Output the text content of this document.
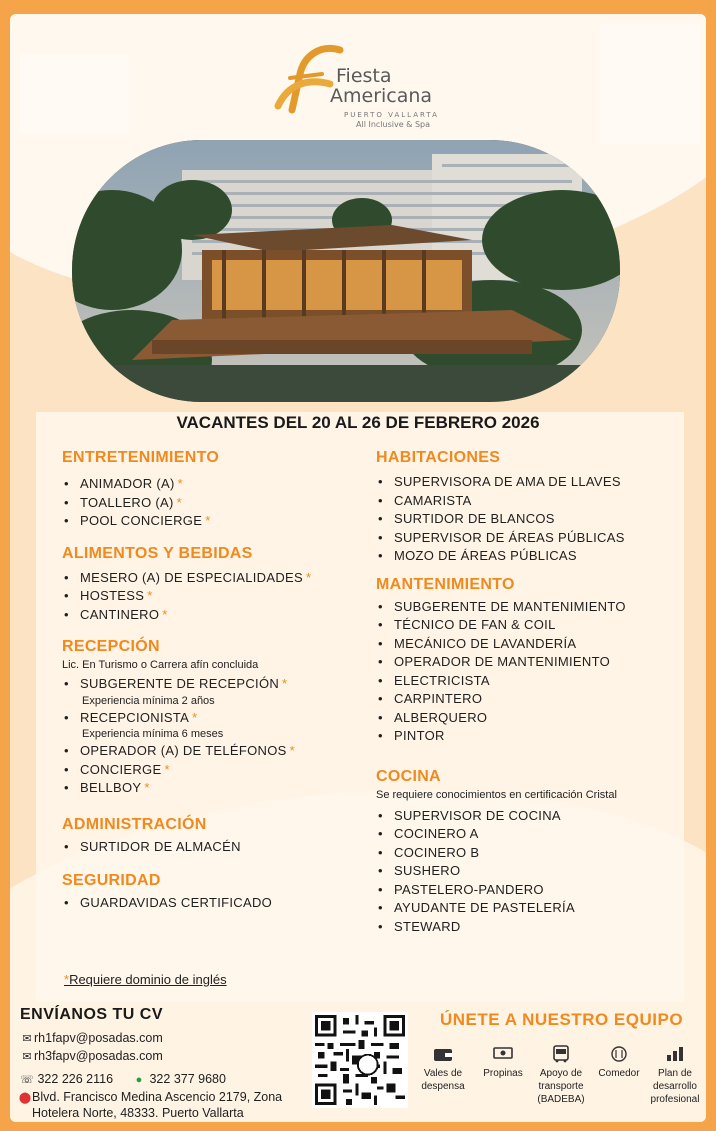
Fiesta
Americana
PUERTO VALLARTA
All Inclusive & Spa
VACANTES DEL 20 AL 26 DE FEBRERO 2026
ENTRETENIMIENTO
• ANIMADOR (A) *
• TOALLERO (A) *
• POOL CONCIERGE *
ALIMENTOS Y BEBIDAS
• MESERO (A) DE ESPECIALIDADES *
• HOSTESS *
• CANTINERO *
RECEPCIÓN
Lic. En Turismo o Carrera afín concluida
• SUBGERENTE DE RECEPCIÓN *
Experiencia mínima 2 años
• RECEPCIONISTA *
Experiencia mínima 6 meses
• OPERADOR (A) DE TELÉFONOS *
• CONCIERGE *
• BELLBOY *
ADMINISTRACIÓN
• SURTIDOR DE ALMACÉN
SEGURIDAD
• GUARDAVIDAS CERTIFICADO
HABITACIONES
• SUPERVISORA DE AMA DE LLAVES
• CAMARISTA
• SURTIDOR DE BLANCOS
• SUPERVISOR DE ÁREAS PÚBLICAS
• MOZO DE ÁREAS PÚBLICAS
MANTENIMIENTO
• SUBGERENTE DE MANTENIMIENTO
• TÉCNICO DE FAN & COIL
• MECÁNICO DE LAVANDERÍA
• OPERADOR DE MANTENIMIENTO
• ELECTRICISTA
• CARPINTERO
• ALBERQUERO
• PINTOR
COCINA
Se requiere conocimientos en certificación Cristal
• SUPERVISOR DE COCINA
• COCINERO A
• COCINERO B
• SUSHERO
• PASTELERO-PANDERO
• AYUDANTE DE PASTELERÍA
• STEWARD
*Requiere dominio de inglés
ENVÍANOS TU CV
✉ rh1fapv@posadas.com
✉ rh3fapv@posadas.com
☏ 322 226 2116 ● 322 377 9680
⬤Blvd. Francisco Medina Ascencio 2179, Zona
Hotelera Norte, 48333. Puerto Vallarta
ÚNETE A NUESTRO EQUIPO
Vales de
despensa
Propinas	Apoyo de
transporte
(BADEBA)
Comedor	Plan de
desarrollo
profesional
